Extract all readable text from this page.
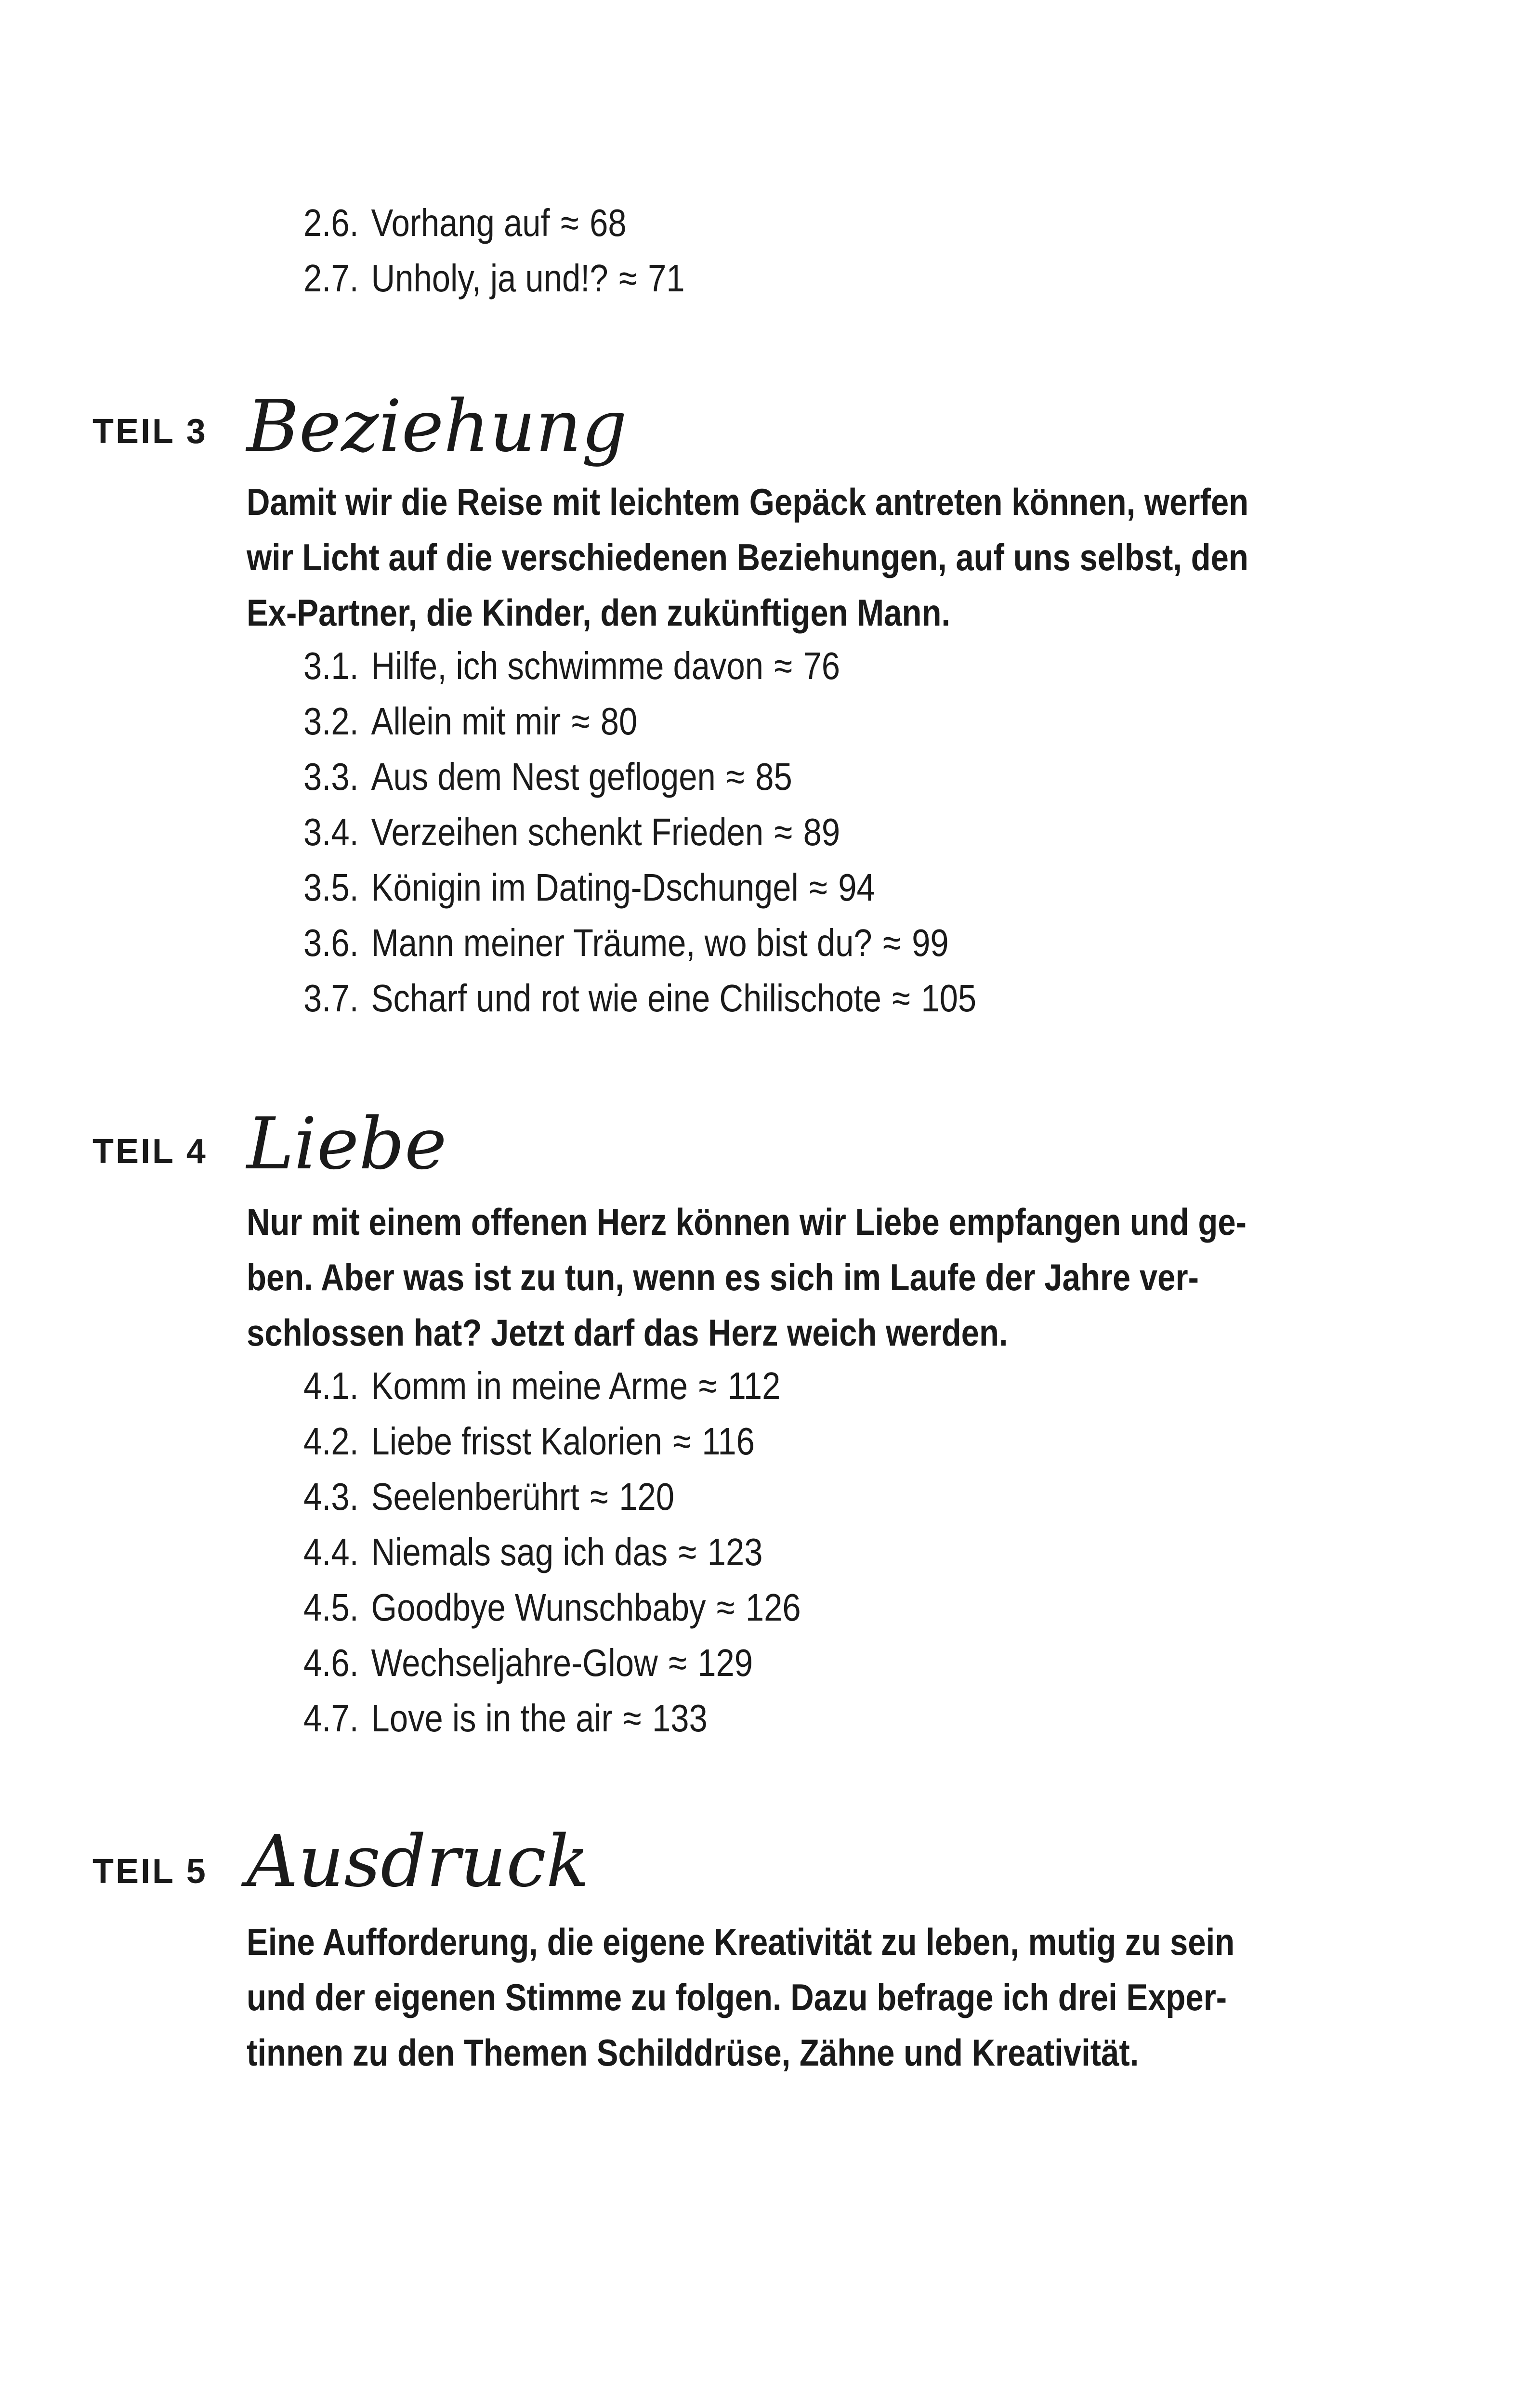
2.6. Vorhang auf ≈ 68
2.7. Unholy, ja und!? ≈ 71
TEIL 3 Beziehung
Damit wir die Reise mit leichtem Gepäck antreten können, werfen
wir Licht auf die verschiedenen Beziehungen, auf uns selbst, den
Ex-Partner, die Kinder, den zukünftigen Mann.
3.1. Hilfe, ich schwimme davon ≈ 76
3.2. Allein mit mir ≈ 80
3.3. Aus dem Nest geflogen ≈ 85
3.4. Verzeihen schenkt Frieden ≈ 89
3.5. Königin im Dating-Dschungel ≈ 94
3.6. Mann meiner Träume, wo bist du? ≈ 99
3.7. Scharf und rot wie eine Chilischote ≈ 105
TEIL 4 Liebe
Nur mit einem offenen Herz können wir Liebe empfangen und ge-
ben. Aber was ist zu tun, wenn es sich im Laufe der Jahre ver-
schlossen hat? Jetzt darf das Herz weich werden.
4.1. Komm in meine Arme ≈ 112
4.2. Liebe frisst Kalorien ≈ 116
4.3. Seelenberührt ≈ 120
4.4. Niemals sag ich das ≈ 123
4.5. Goodbye Wunschbaby ≈ 126
4.6. Wechseljahre-Glow ≈ 129
4.7. Love is in the air ≈ 133
TEIL 5 Ausdruck
Eine Aufforderung, die eigene Kreativität zu leben, mutig zu sein
und der eigenen Stimme zu folgen. Dazu befrage ich drei Exper-
tinnen zu den Themen Schilddrüse, Zähne und Kreativität.
